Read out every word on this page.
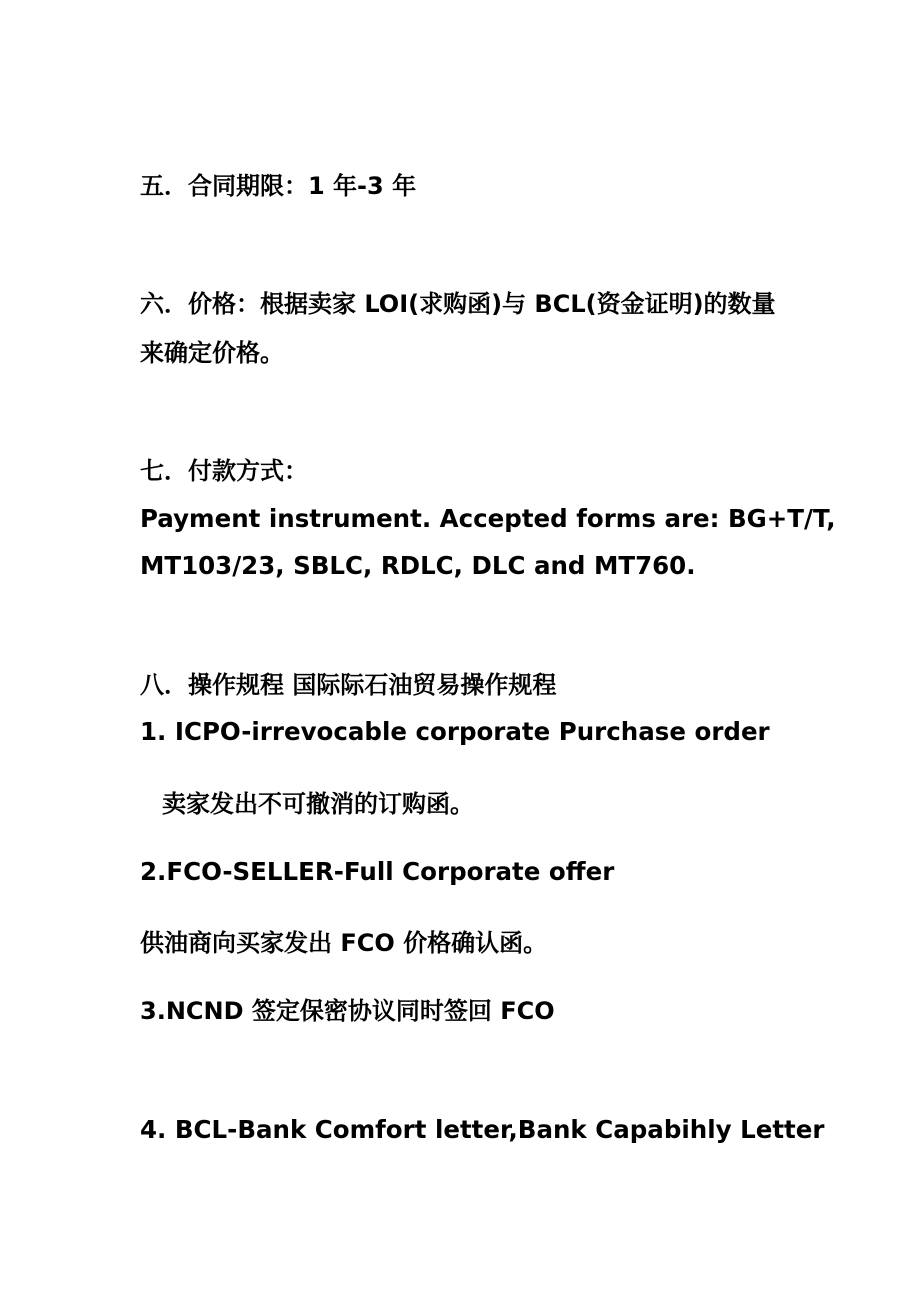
五．合同期限：1 年-3 年
六．价格：根据卖家 LOI(求购函)与 BCL(资金证明)的数量
来确定价格。
七．付款方式：
Payment instrument. Accepted forms are: BG+T/T,
MT103/23, SBLC, RDLC, DLC and MT760.
八．操作规程 国际际石油贸易操作规程
1. ICPO-irrevocable corporate Purchase order
卖家发出不可撤消的订购函。
2.FCO-SELLER-Full Corporate offer
供油商向买家发出 FCO 价格确认函。
3.NCND 签定保密协议同时签回 FCO
4. BCL-Bank Comfort letter,Bank Capabihly Letter
